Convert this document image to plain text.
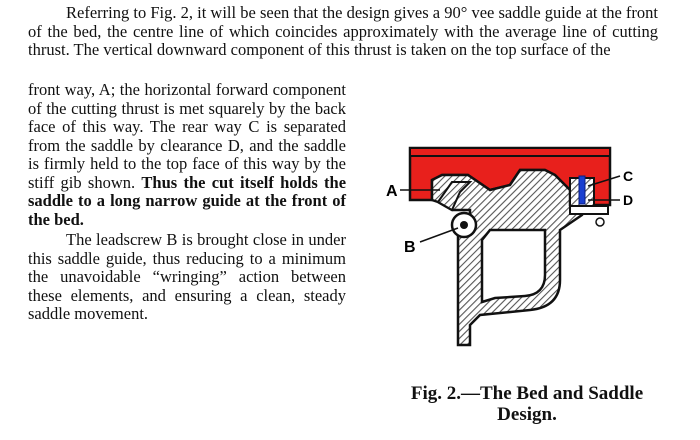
Referring to Fig. 2, it will be seen that the design gives a 90° vee saddle guide at the front of the bed, the centre line of which coincides approximately with the average line of cutting thrust. The vertical downward component of this thrust is taken on the top surface of the

front way, A; the horizontal forward component of the cutting thrust is met squarely by the back face of this way. The rear way C is separated from the saddle by clearance D, and the saddle is firmly held to the top face of this way by the stiff gib shown. Thus the cut itself holds the saddle to a long narrow guide at the front of the bed.

The leadscrew B is brought close in under this saddle guide, thus reducing to a minimum the unavoidable “wringing” action between these elements, and ensuring a clean, steady saddle movement.

A
B
C
D
Fig. 2.—The Bed and Saddle
Design.
